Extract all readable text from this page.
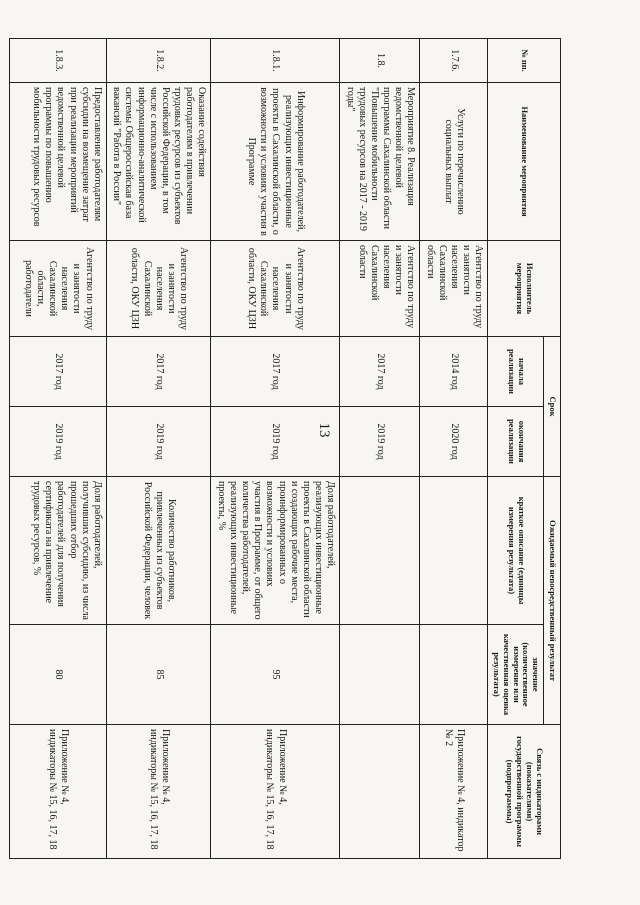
13
№ пп.	Наименование мероприятия	Исполнитель мероприятия	Срок		Ожидаемый непосредственный результат		Связь с индикаторами (показателями) государственной программы (подпрограммы)
			начала реализации	окончания реализации	краткое описание (единицы измерения результата)	значение (количественное измерение или качественная оценка результата)	
1.7.6.	Услуги по перечислению социальных выплат	Агентство по труду и занятости населения Сахалинской области	2014 год	2020 год			Приложение № 4, индикатор № 2
1.8.	Мероприятие 8. Реализация ведомственной целевой программы Сахалинской области "Повышение мобильности трудовых ресурсов на 2017 - 2019 годы"	Агентство по труду и занятости населения Сахалинской области	2017 год	2019 год			
1.8.1.	Информирование работодателей, реализующих инвестиционные проекты в Сахалинской области, о возможности и условиях участия в Программе	Агентство по труду и занятости населения Сахалинской области, ОКУ ЦЗН	2017 год	2019 год	Доля работодателей, реализующих инвестиционные проекты в Сахалинской области и создающих рабочие места, проинформированных о возможности и условиях участия в Программе, от общего количества работодателей, реализующих инвестиционные проекты, %	95	Приложение № 4, индикаторы № 15, 16, 17, 18
1.8.2.	Оказание содействия работодателям в привлечении трудовых ресурсов из субъектов Российской Федерации, в том числе с использованием информационно-аналитической системы Общероссийская база вакансий "Работа в России"	Агентство по труду и занятости населения Сахалинской области, ОКУ ЦЗН	2017 год	2019 год	Количество работников, привлеченных из субъектов Российской Федерации, человек	85	Приложение № 4, индикаторы № 15, 16, 17, 18
1.8.3.	Предоставление работодателям субсидии на возмещение затрат при реализации мероприятий ведомственной целевой программы по повышению мобильности трудовых ресурсов	Агентство по труду и занятости населения Сахалинской области, работодатели	2017 год	2019 год	Доля работодателей, получивших субсидию, из числа прошедших отбор работодателей для получения сертификата на привлечение трудовых ресурсов, %	80	Приложение № 4, индикаторы № 15, 16, 17, 18
